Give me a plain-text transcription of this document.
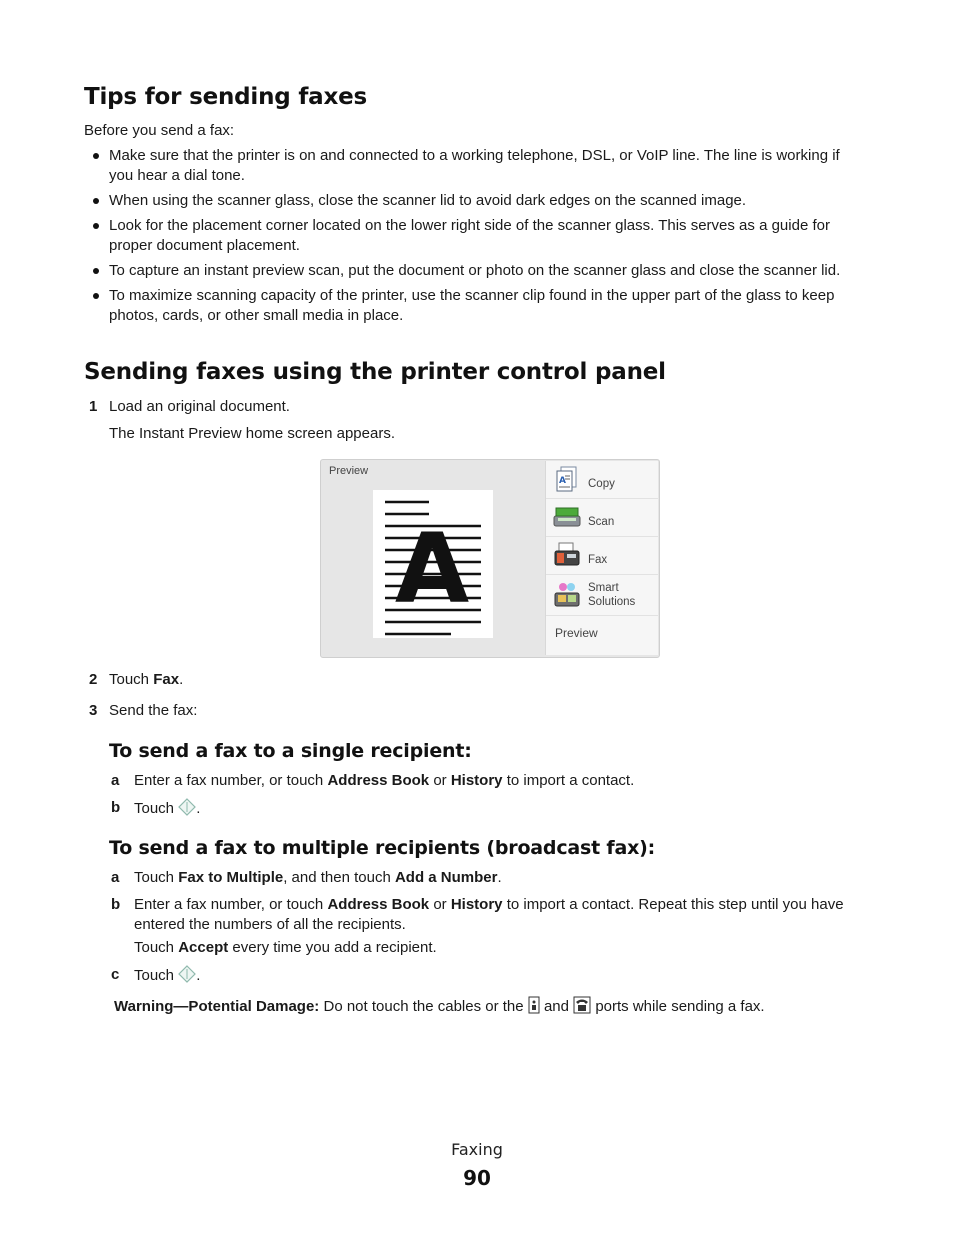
Tips for sending faxes
Before you send a fax:
Make sure that the printer is on and connected to a working telephone, DSL, or VoIP line. The line is working if
you hear a dial tone.
When using the scanner glass, close the scanner lid to avoid dark edges on the scanned image.
Look for the placement corner located on the lower right side of the scanner glass. This serves as a guide for
proper document placement.
To capture an instant preview scan, put the document or photo on the scanner glass and close the scanner lid.
To maximize scanning capacity of the printer, use the scanner clip found in the upper part of the glass to keep
photos, cards, or other small media in place.
Sending faxes using the printer control panel
1 Load an original document.
The Instant Preview home screen appears.
Preview
A
A Copy
Scan
Fax
Smart
Solutions
Preview
2 Touch Fax.
3 Send the fax:
To send a fax to a single recipient:
a Enter a fax number, or touch Address Book or History to import a contact.
b Touch .
To send a fax to multiple recipients (broadcast fax):
a Touch Fax to Multiple, and then touch Add a Number.
b Enter a fax number, or touch Address Book or History to import a contact. Repeat this step until you have
entered the numbers of all the recipients.
Touch Accept every time you add a recipient.
c Touch .
Warning—Potential Damage: Do not touch the cables or the  and  ports while sending a fax.
Faxing
90
